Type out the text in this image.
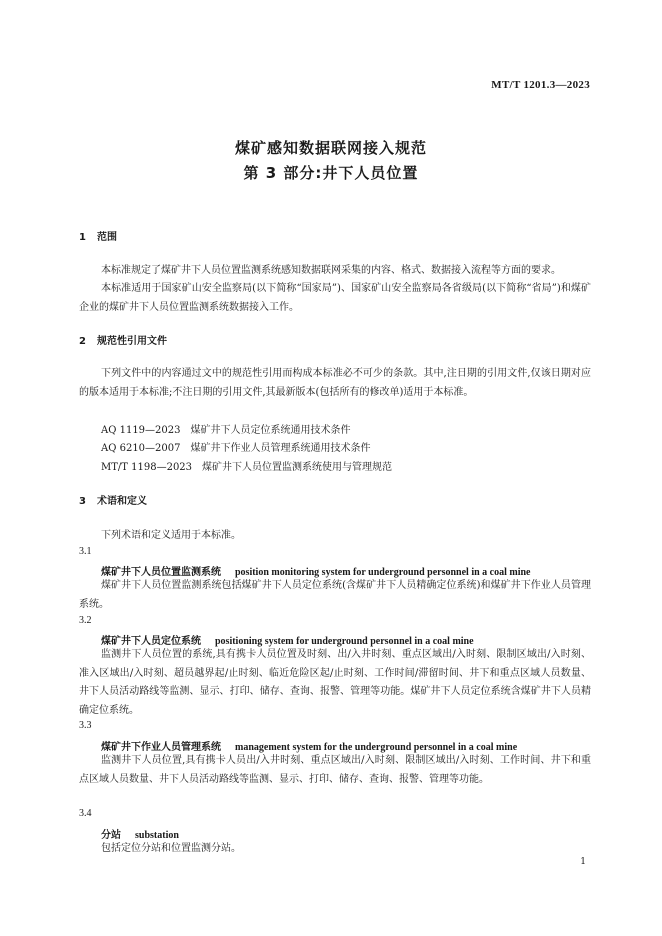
MT/T 1201.3—2023
煤矿感知数据联网接入规范
第 3 部分:井下人员位置
1 范围
本标准规定了煤矿井下人员位置监测系统感知数据联网采集的内容、格式、数据接入流程等方面的要求。
本标准适用于国家矿山安全监察局(以下简称“国家局”)、国家矿山安全监察局各省级局(以下简称“省局”)和煤矿企业的煤矿井下人员位置监测系统数据接入工作。
2 规范性引用文件
下列文件中的内容通过文中的规范性引用而构成本标准必不可少的条款。其中,注日期的引用文件,仅该日期对应的版本适用于本标准;不注日期的引用文件,其最新版本(包括所有的修改单)适用于本标准。
AQ 1119—2023　煤矿井下人员定位系统通用技术条件
AQ 6210—2007　煤矿井下作业人员管理系统通用技术条件
MT/T 1198—2023　煤矿井下人员位置监测系统使用与管理规范
3 术语和定义
下列术语和定义适用于本标准。
3.1
煤矿井下人员位置监测系统 position monitoring system for underground personnel in a coal mine
煤矿井下人员位置监测系统包括煤矿井下人员定位系统(含煤矿井下人员精确定位系统)和煤矿井下作业人员管理系统。
3.2
煤矿井下人员定位系统 positioning system for underground personnel in a coal mine
监测井下人员位置的系统,具有携卡人员位置及时刻、出/入井时刻、重点区域出/入时刻、限制区域出/入时刻、准入区域出/入时刻、超员越界起/止时刻、临近危险区起/止时刻、工作时间/滞留时间、井下和重点区域人员数量、井下人员活动路线等监测、显示、打印、储存、查询、报警、管理等功能。煤矿井下人员定位系统含煤矿井下人员精确定位系统。
3.3
煤矿井下作业人员管理系统 management system for the underground personnel in a coal mine
监测井下人员位置,具有携卡人员出/入井时刻、重点区域出/入时刻、限制区域出/入时刻、工作时间、井下和重点区域人员数量、井下人员活动路线等监测、显示、打印、储存、查询、报警、管理等功能。
3.4
分站 substation
包括定位分站和位置监测分站。
1
